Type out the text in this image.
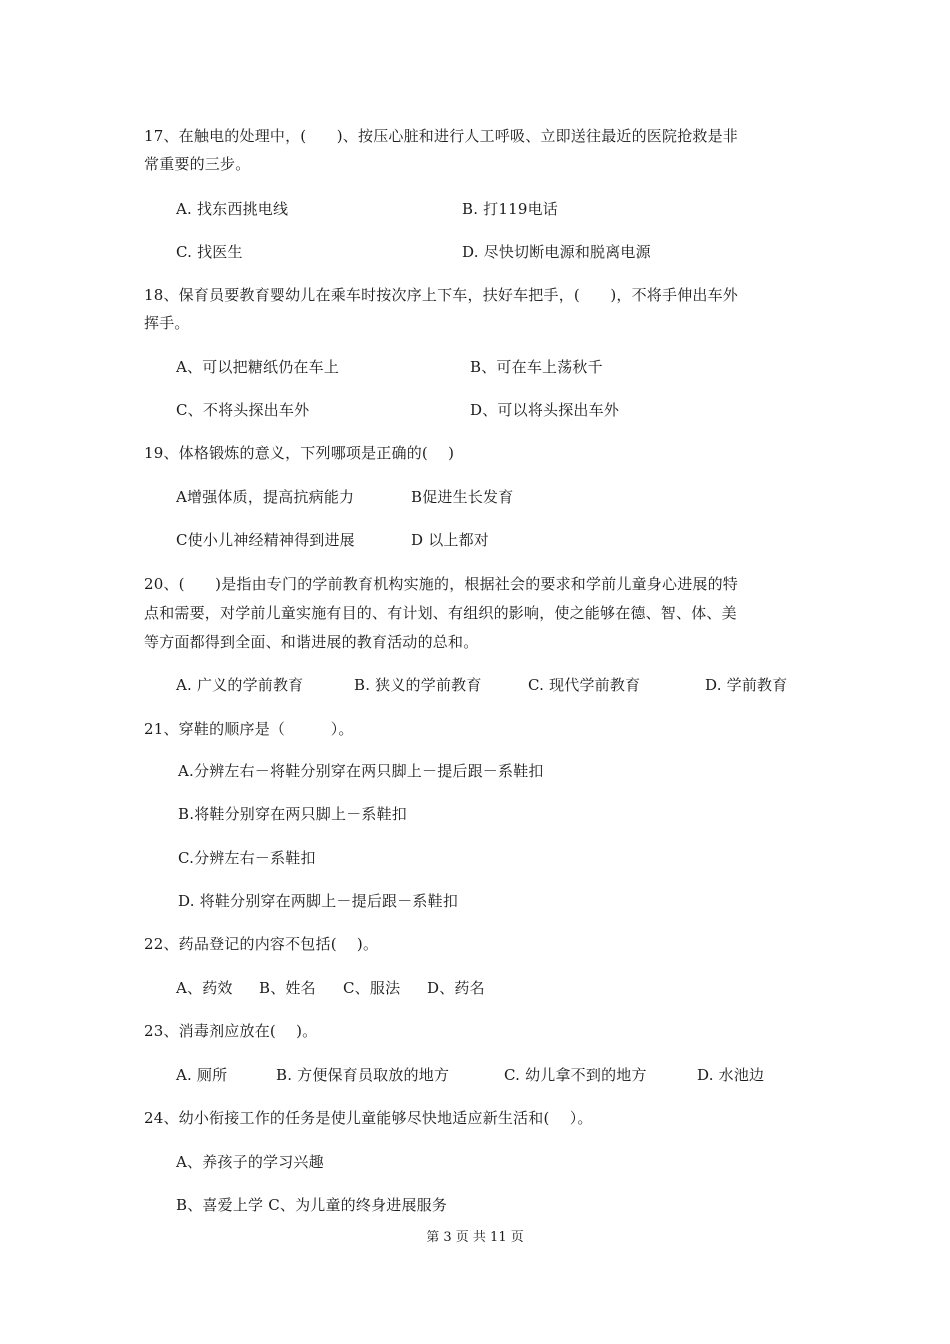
17、在触电的处理中，(　　)、按压心脏和进行人工呼吸、立即送往最近的医院抢救是非
常重要的三步。
A. 找东西挑电线	B. 打119电话
C. 找医生	D. 尽快切断电源和脱离电源
18、保育员要教育婴幼儿在乘车时按次序上下车，扶好车把手，(　　)，不将手伸出车外
挥手。
A、可以把糖纸仍在车上	B、可在车上荡秋千
C、不将头探出车外	D、可以将头探出车外
19、体格锻炼的意义，下列哪项是正确的(　 )
A增强体质，提高抗病能力	B促进生长发育
C使小儿神经精神得到进展	D 以上都对
20、(　　)是指由专门的学前教育机构实施的，根据社会的要求和学前儿童身心进展的特
点和需要，对学前儿童实施有目的、有计划、有组织的影响，使之能够在德、智、体、美
等方面都得到全面、和谐进展的教育活动的总和。
A. 广义的学前教育	B. 狭义的学前教育	C. 现代学前教育	D. 学前教育
21、穿鞋的顺序是（　　　）。
A.分辨左右－将鞋分别穿在两只脚上－提后跟－系鞋扣
B.将鞋分别穿在两只脚上－系鞋扣
C.分辨左右－系鞋扣
D. 将鞋分别穿在两脚上－提后跟－系鞋扣
22、药品登记的内容不包括(　 )。
A、药效 B、姓名 C、服法 D、药名
23、消毒剂应放在(　 )。
A. 厕所	B. 方便保育员取放的地方	C. 幼儿拿不到的地方	D. 水池边
24、幼小衔接工作的任务是使儿童能够尽快地适应新生活和(　 ）。
A、养孩子的学习兴趣
B、喜爱上学 C、为儿童的终身进展服务
第 3 页 共 11 页
